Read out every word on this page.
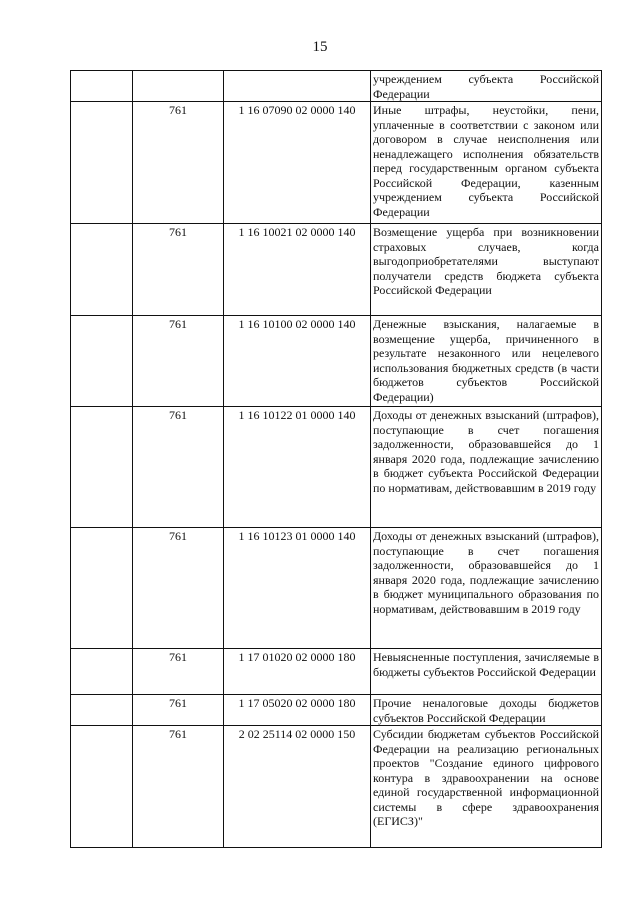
15
			учреждением субъекта Российской Федерации
	761	1 16 07090 02 0000 140	Иные штрафы, неустойки, пени, уплаченные в соответствии с законом или договором в случае неисполнения или ненадлежащего исполнения обязательств перед государственным органом субъекта Российской Федерации, казенным учреждением субъекта Российской Федерации
	761	1 16 10021 02 0000 140	Возмещение ущерба при возникновении страховых случаев, когда выгодоприобретателями выступают получатели средств бюджета субъекта Российской Федерации
	761	1 16 10100 02 0000 140	Денежные взыскания, налагаемые в возмещение ущерба, причиненного в результате незаконного или нецелевого использования бюджетных средств (в части бюджетов субъектов Российской Федерации)
	761	1 16 10122 01 0000 140	Доходы от денежных взысканий (штрафов), поступающие в счет погашения задолженности, образовавшейся до 1 января 2020 года, подлежащие зачислению в бюджет субъекта Российской Федерации по нормативам, действовавшим в 2019 году
	761	1 16 10123 01 0000 140	Доходы от денежных взысканий (штрафов), поступающие в счет погашения задолженности, образовавшейся до 1 января 2020 года, подлежащие зачислению в бюджет муниципального образования по нормативам, действовавшим в 2019 году
	761	1 17 01020 02 0000 180	Невыясненные поступления, зачисляемые в бюджеты субъектов Российской Федерации
	761	1 17 05020 02 0000 180	Прочие неналоговые доходы бюджетов субъектов Российской Федерации
	761	2 02 25114 02 0000 150	Субсидии бюджетам субъектов Российской Федерации на реализацию региональных проектов "Создание единого цифрового контура в здравоохранении на основе единой государственной информационной системы в сфере здравоохранения (ЕГИСЗ)"
